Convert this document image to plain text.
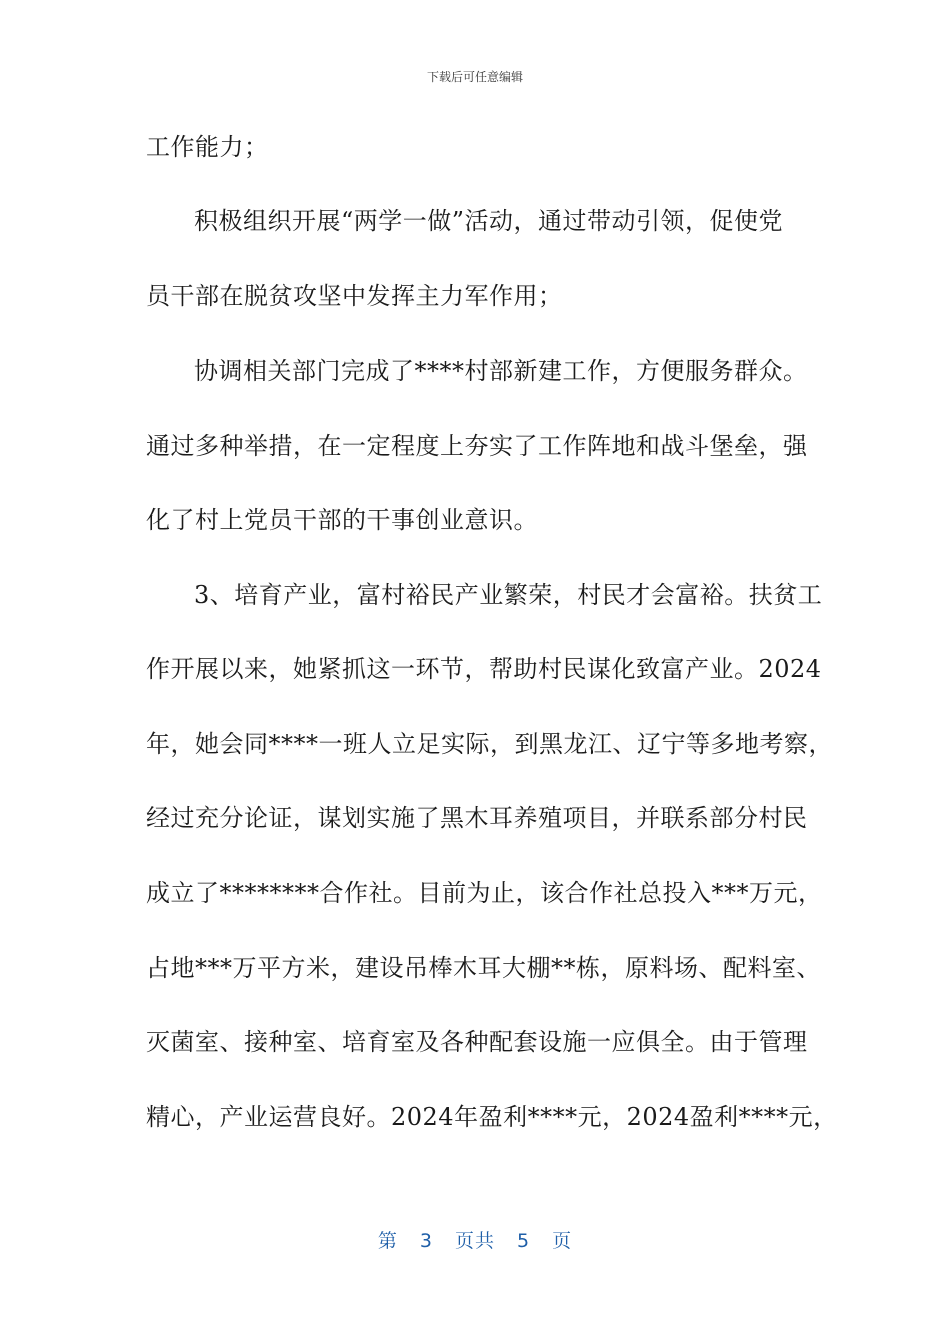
下载后可任意编辑
工作能力；
积极组织开展“两学一做”活动，通过带动引领，促使党
员干部在脱贫攻坚中发挥主力军作用；
协调相关部门完成了****村部新建工作，方便服务群众。
通过多种举措，在一定程度上夯实了工作阵地和战斗堡垒，强
化了村上党员干部的干事创业意识。
3、培育产业，富村裕民产业繁荣，村民才会富裕。扶贫工
作开展以来，她紧抓这一环节，帮助村民谋化致富产业。2024
年，她会同****一班人立足实际，到黑龙江、辽宁等多地考察，
经过充分论证，谋划实施了黑木耳养殖项目，并联系部分村民
成立了********合作社。目前为止，该合作社总投入***万元，
占地***万平方米，建设吊棒木耳大棚**栋，原料场、配料室、
灭菌室、接种室、培育室及各种配套设施一应俱全。由于管理
精心，产业运营良好。2024年盈利****元，2024盈利****元，
第 3 页共 5 页
